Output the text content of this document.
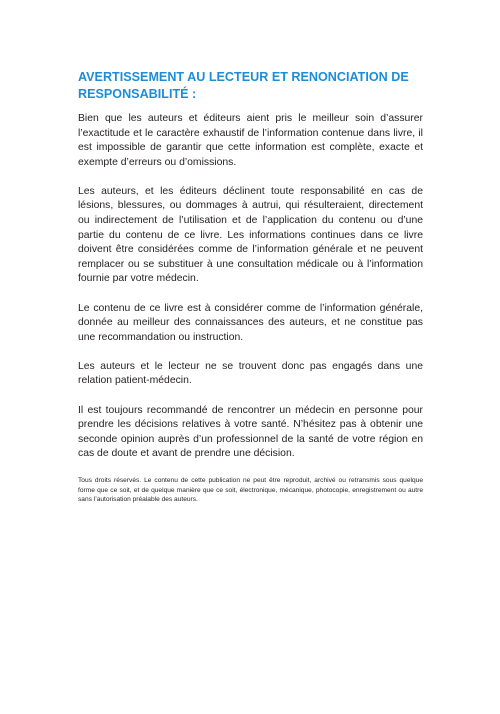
AVERTISSEMENT AU LECTEUR ET RENONCIATION DE RESPONSABILITÉ :

Bien que les auteurs et éditeurs aient pris le meilleur soin d’assurer l’exactitude et le caractère exhaustif de l’information contenue dans livre, il est impossible de garantir que cette information est complète, exacte et exempte d’erreurs ou d’omissions.

Les auteurs, et les éditeurs déclinent toute responsabilité en cas de lésions, blessures, ou dommages à autrui, qui résulteraient, directement ou indirectement de l’utilisation et de l’application du contenu ou d’une partie du contenu de ce livre. Les informations continues dans ce livre doivent être considérées comme de l’information générale et ne peuvent remplacer ou se substituer à une consultation médicale ou à l’information fournie par votre médecin.

Le contenu de ce livre est à considérer comme de l’information générale, donnée au meilleur des connaissances des auteurs, et ne constitue pas une recommandation ou instruction.

Les auteurs et le lecteur ne se trouvent donc pas engagés dans une relation patient-médecin.

Il est toujours recommandé de rencontrer un médecin en personne pour prendre les décisions relatives à votre santé. N’hésitez pas à obtenir une seconde opinion auprès d’un professionnel de la santé de votre région en cas de doute et avant de prendre une décision.

Tous droits réservés. Le contenu de cette publication ne peut être reproduit, archivé ou retransmis sous quelque forme que ce soit, et de quelque manière que ce soit, électronique, mécanique, photocopie, enregistrement ou autre sans l’autorisation préalable des auteurs.
